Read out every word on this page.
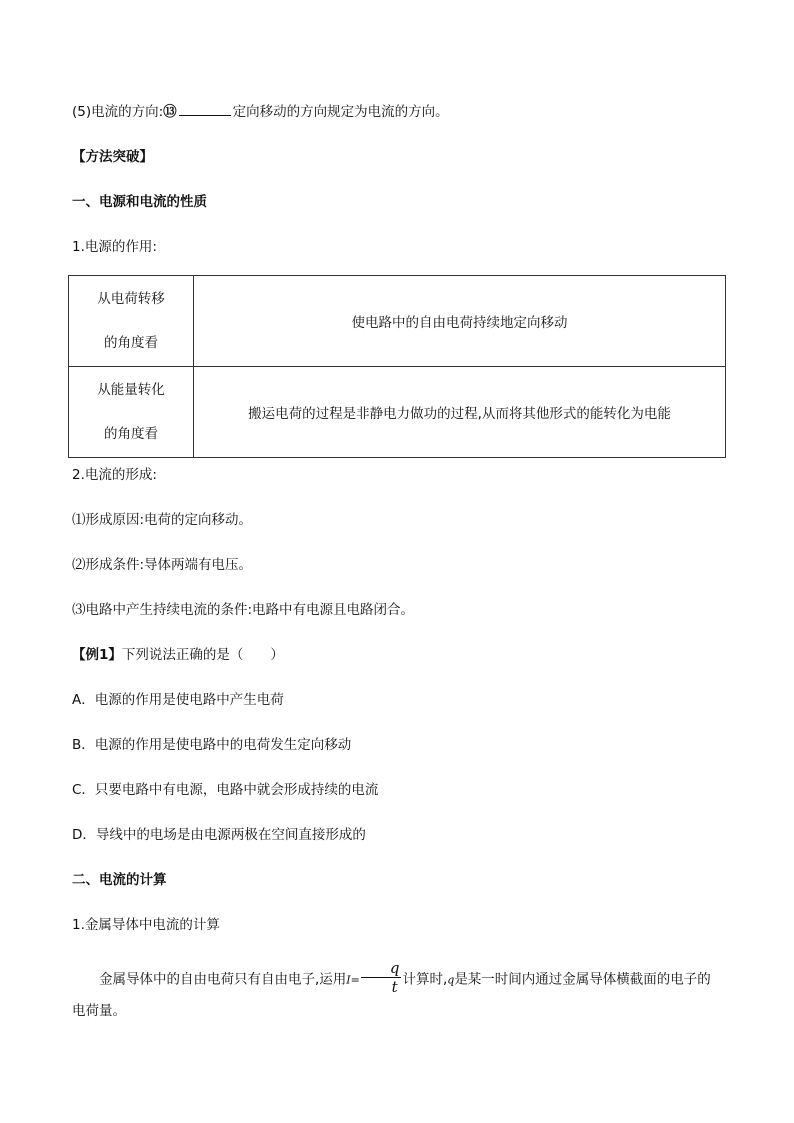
(5)电流的方向:⑬	定向移动的方向规定为电流的方向。
【方法突破】
一、电源和电流的性质
1.电源的作用:
从电荷转移
的角度看	使电路中的自由电荷持续地定向移动

从能量转化
的角度看	搬运电荷的过程是非静电力做功的过程,从而将其他形式的能转化为电能
2.电流的形成:
⑴形成原因:电荷的定向移动。
⑵形成条件:导体两端有电压。
⑶电路中产生持续电流的条件:电路中有电源且电路闭合。
【例1】下列说法正确的是（　　）
A．电源的作用是使电路中产生电荷
B．电源的作用是使电路中的电荷发生定向移动
C．只要电路中有电源，电路中就会形成持续的电流
D．导线中的电场是由电源两极在空间直接形成的
二、电流的计算
1.金属导体中电流的计算
金属导体中的自由电荷只有自由电子,运用$I= \frac{q}{t}$ 计算时,q是某一时间内通过金属导体横截面的电子的电荷量。
